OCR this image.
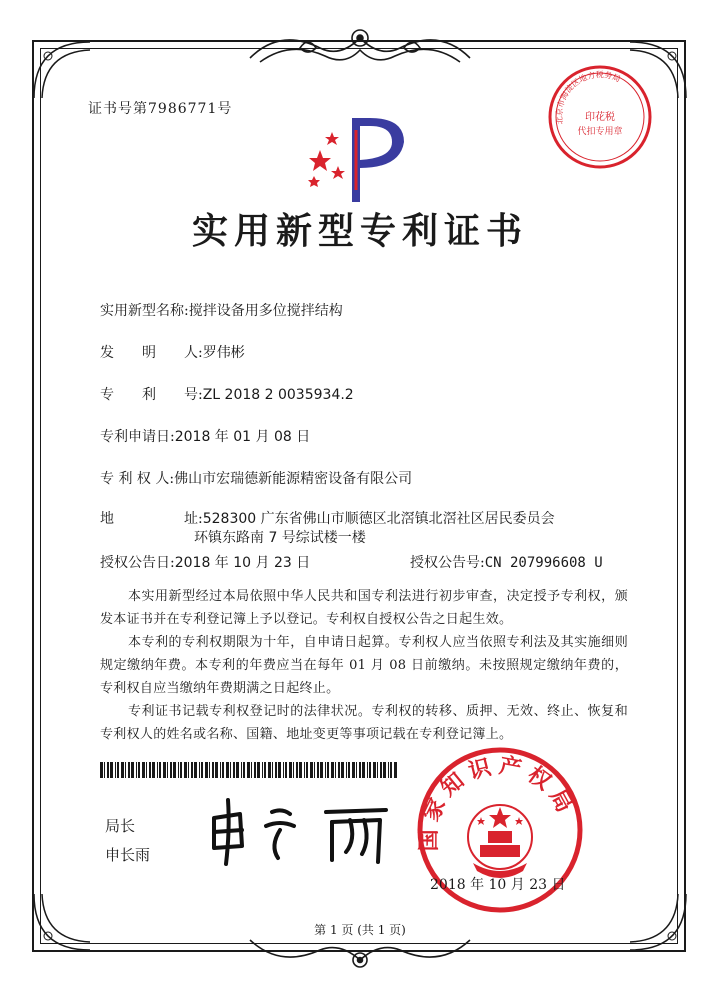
证书号第7986771号
北京市海淀区地方税务局
印花税
代扣专用章
实用新型专利证书
实用新型名称:搅拌设备用多位搅拌结构
发　　明　　人:罗伟彬
专　　利　　号:ZL 2018 2 0035934.2
专利申请日:2018 年 01 月 08 日
专 利 权 人:佛山市宏瑞德新能源精密设备有限公司
地　　　　　址:528300 广东省佛山市顺德区北滘镇北滘社区居民委员会
环镇东路南 7 号综试楼一楼
授权公告日:2018 年 10 月 23 日	授权公告号:CN 207996608 U
本实用新型经过本局依照中华人民共和国专利法进行初步审查，决定授予专利权，颁发本证书并在专利登记簿上予以登记。专利权自授权公告之日起生效。
本专利的专利权期限为十年，自申请日起算。专利权人应当依照专利法及其实施细则规定缴纳年费。本专利的年费应当在每年 01 月 08 日前缴纳。未按照规定缴纳年费的，专利权自应当缴纳年费期满之日起终止。
专利证书记载专利权登记时的法律状况。专利权的转移、质押、无效、终止、恢复和专利权人的姓名或名称、国籍、地址变更等事项记载在专利登记簿上。
局长
申长雨
国家知识产权局
2018 年 10 月 23 日
第 1 页 (共 1 页)
